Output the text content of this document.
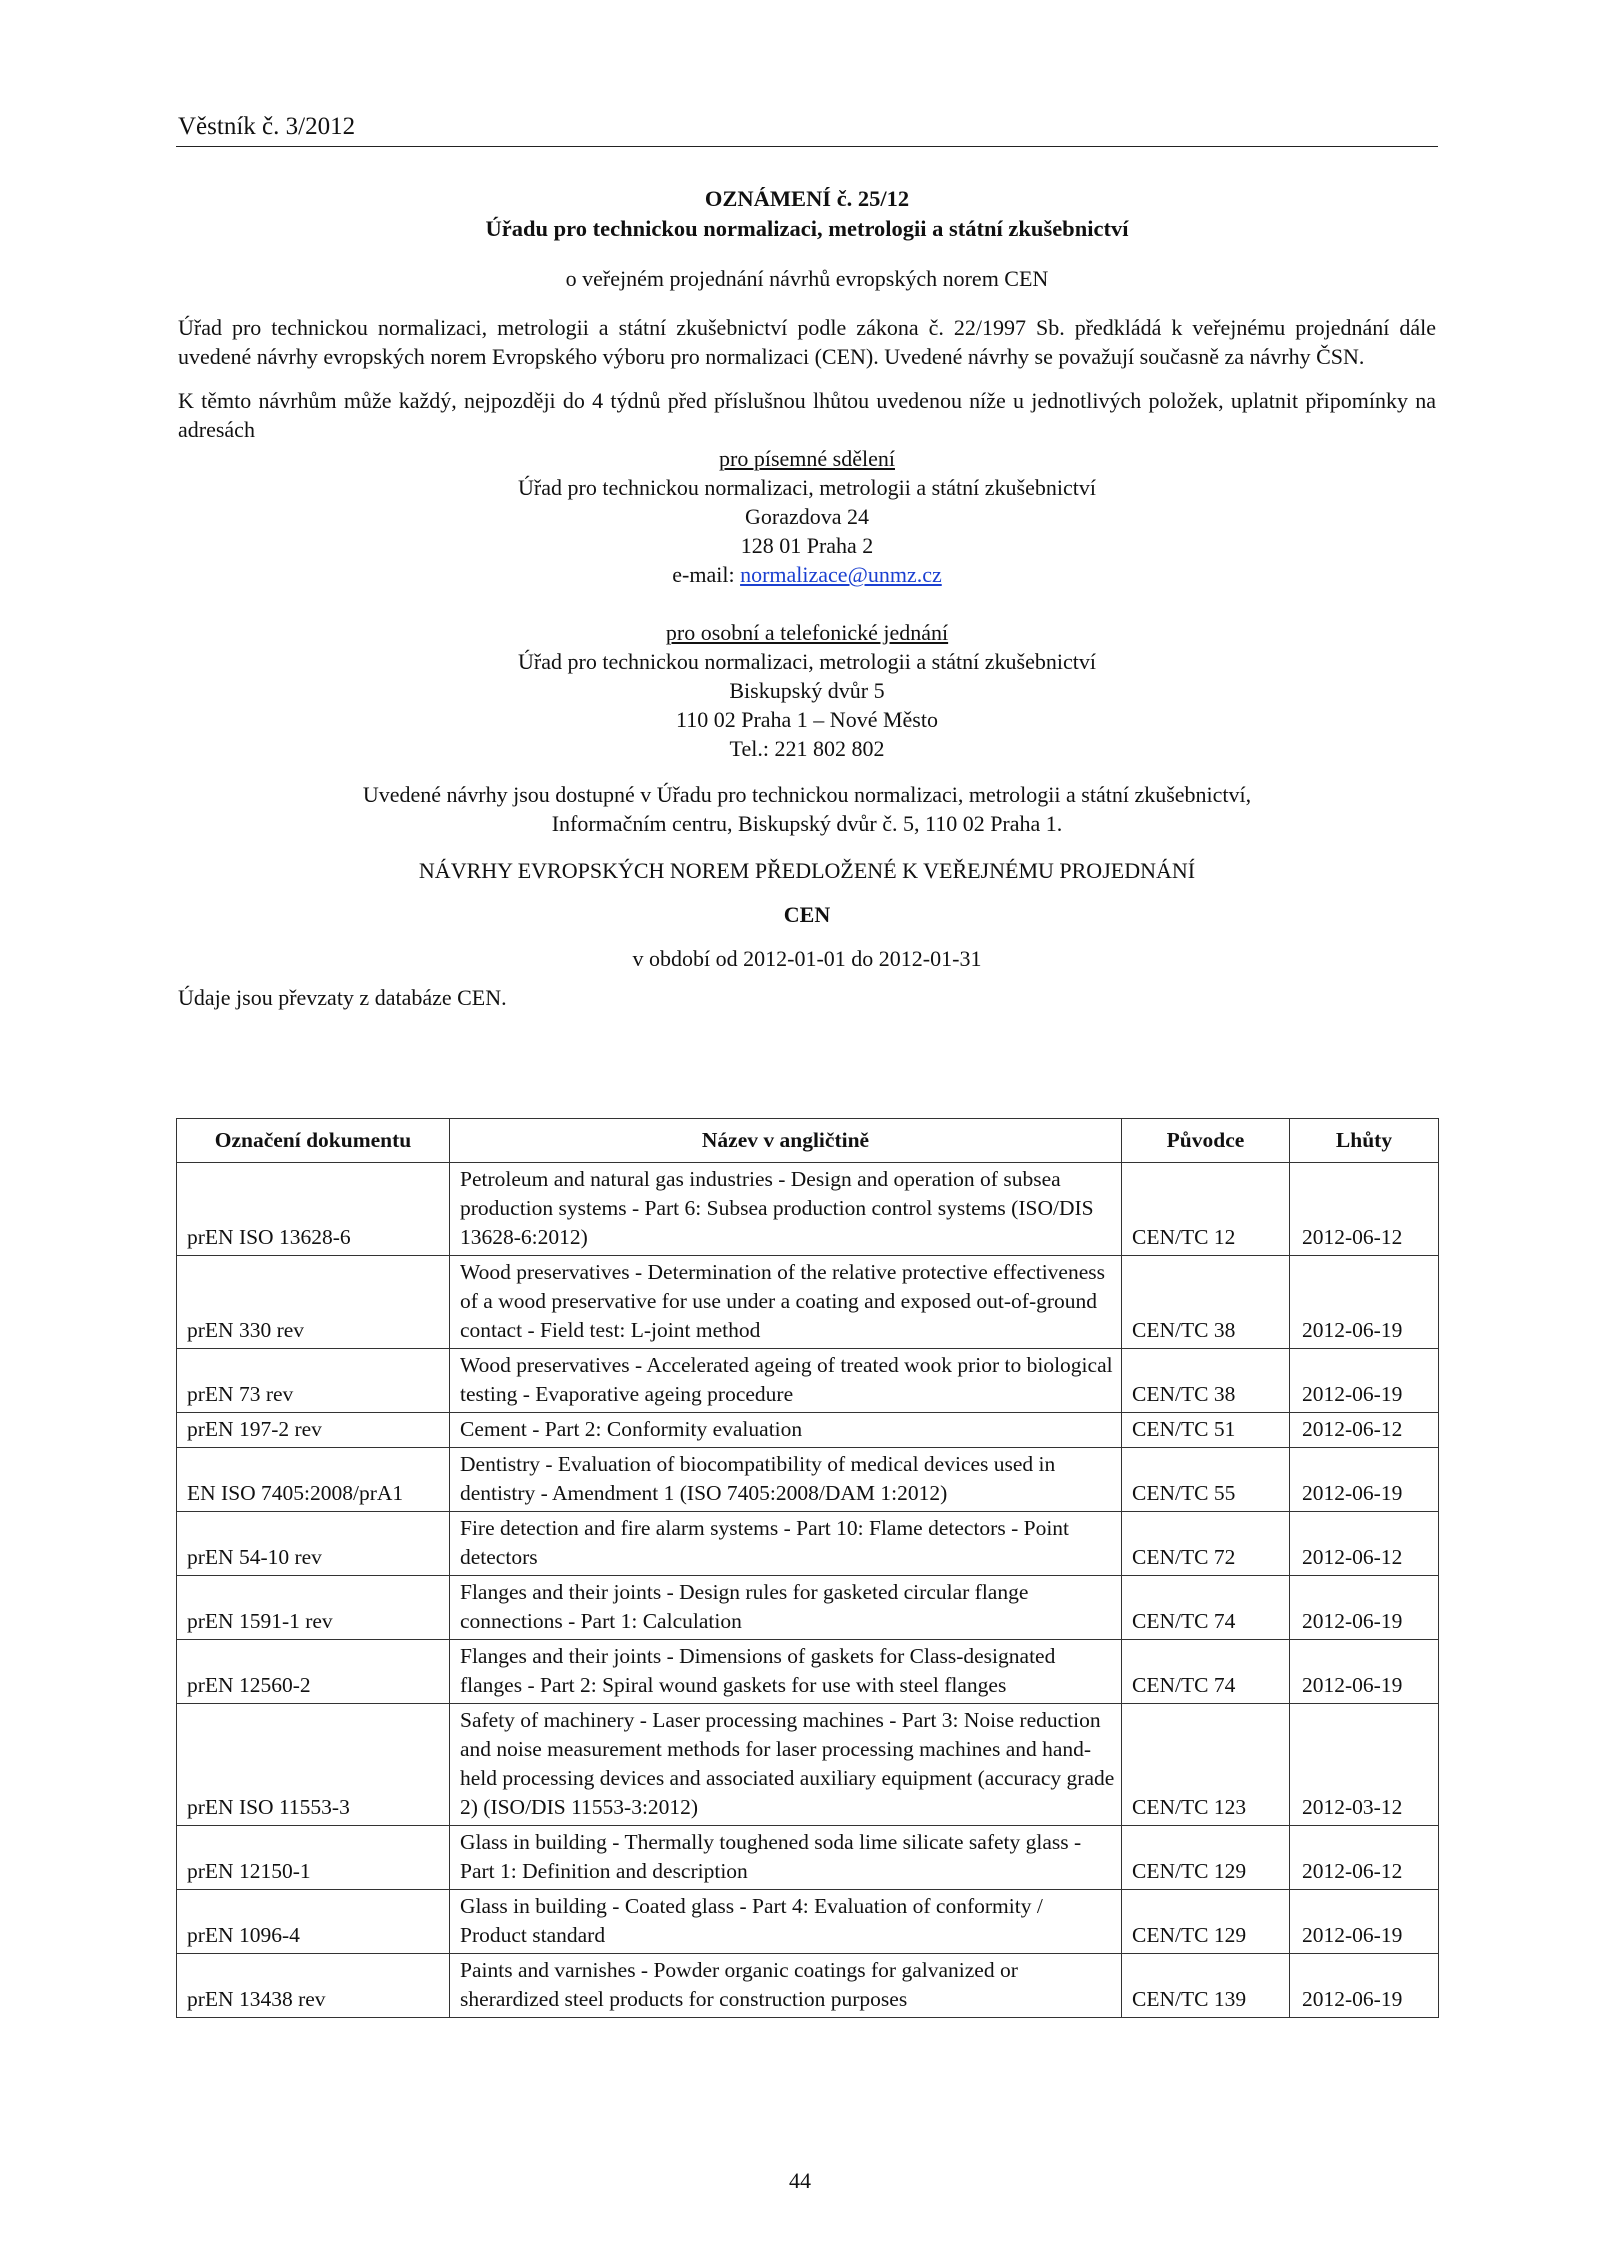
Věstník č. 3/2012

OZNÁMENÍ č. 25/12

Úřadu pro technickou normalizaci, metrologii a státní zkušebnictví

o veřejném projednání návrhů evropských norem CEN

Úřad pro technickou normalizaci, metrologii a státní zkušebnictví podle zákona č. 22/1997 Sb. předkládá k veřejnému projednání dále uvedené návrhy evropských norem Evropského výboru pro normalizaci (CEN). Uvedené návrhy se považují současně za návrhy ČSN.

K těmto návrhům může každý, nejpozději do 4 týdnů před příslušnou lhůtou uvedenou níže u jednotlivých položek, uplatnit připomínky na adresách

pro písemné sdělení

Úřad pro technickou normalizaci, metrologii a státní zkušebnictví

Gorazdova 24

128 01 Praha 2

e-mail: normalizace@unmz.cz

pro osobní a telefonické jednání

Úřad pro technickou normalizaci, metrologii a státní zkušebnictví

Biskupský dvůr 5

110 02 Praha 1 – Nové Město

Tel.: 221 802 802

Uvedené návrhy jsou dostupné v Úřadu pro technickou normalizaci, metrologii a státní zkušebnictví,

Informačním centru, Biskupský dvůr č. 5, 110 02 Praha 1.

NÁVRHY EVROPSKÝCH NOREM PŘEDLOŽENÉ K VEŘEJNÉMU PROJEDNÁNÍ

CEN

v období od 2012-01-01 do 2012-01-31

Údaje jsou převzaty z databáze CEN.

Označení dokumentu	Název v angličtině	Původce	Lhůty
prEN ISO 13628-6	Petroleum and natural gas industries - Design and operation of subsea production systems - Part 6: Subsea production control systems (ISO/DIS 13628-6:2012)	CEN/TC 12	2012-06-12
prEN 330 rev	Wood preservatives - Determination of the relative protective effectiveness of a wood preservative for use under a coating and exposed out-of-ground contact - Field test: L-joint method	CEN/TC 38	2012-06-19
prEN 73 rev	Wood preservatives - Accelerated ageing of treated wook prior to biological testing - Evaporative ageing procedure	CEN/TC 38	2012-06-19
prEN 197-2 rev	Cement - Part 2: Conformity evaluation	CEN/TC 51	2012-06-12
EN ISO 7405:2008/prA1	Dentistry - Evaluation of biocompatibility of medical devices used in dentistry - Amendment 1 (ISO 7405:2008/DAM 1:2012)	CEN/TC 55	2012-06-19
prEN 54-10 rev	Fire detection and fire alarm systems - Part 10: Flame detectors - Point detectors	CEN/TC 72	2012-06-12
prEN 1591-1 rev	Flanges and their joints - Design rules for gasketed circular flange connections - Part 1: Calculation	CEN/TC 74	2012-06-19
prEN 12560-2	Flanges and their joints - Dimensions of gaskets for Class-designated flanges - Part 2: Spiral wound gaskets for use with steel flanges	CEN/TC 74	2012-06-19
prEN ISO 11553-3	Safety of machinery - Laser processing machines - Part 3: Noise reduction and noise measurement methods for laser processing machines and hand-held processing devices and associated auxiliary equipment (accuracy grade 2) (ISO/DIS 11553-3:2012)	CEN/TC 123	2012-03-12
prEN 12150-1	Glass in building - Thermally toughened soda lime silicate safety glass - Part 1: Definition and description	CEN/TC 129	2012-06-12
prEN 1096-4	Glass in building - Coated glass - Part 4: Evaluation of conformity / Product standard	CEN/TC 129	2012-06-19
prEN 13438 rev	Paints and varnishes - Powder organic coatings for galvanized or sherardized steel products for construction purposes	CEN/TC 139	2012-06-19
44
